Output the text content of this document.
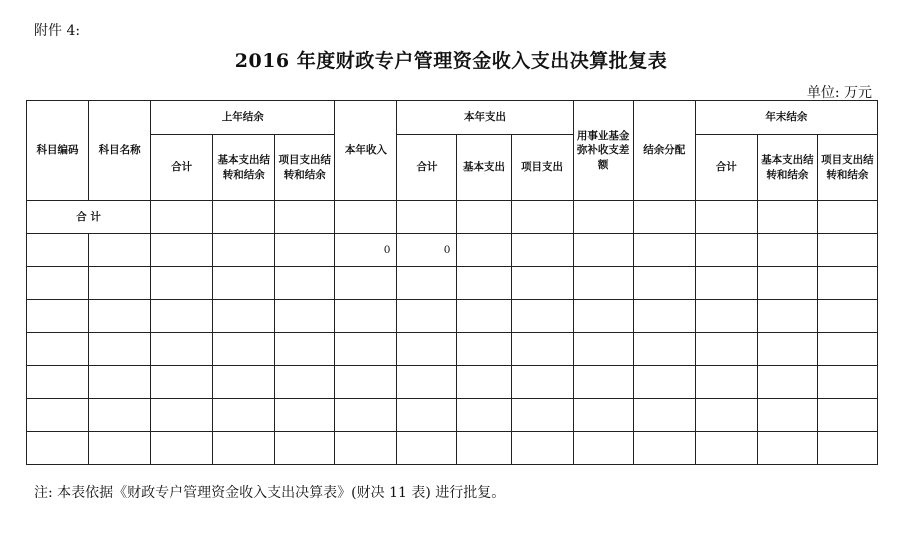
附件 4:
2016 年度财政专户管理资金收入支出决算批复表
单位: 万元
科目编码	科目名称	上年结余			本年收入	本年支出			用事业基金弥补收支差额	结余分配	年末结余		
		合计	基本支出结转和结余	项目支出结转和结余		合计	基本支出	项目支出			合计	基本支出结转和结余	项目支出结转和结余
合 计													
					0	0							

注: 本表依据《财政专户管理资金收入支出决算表》(财决 11 表) 进行批复。
